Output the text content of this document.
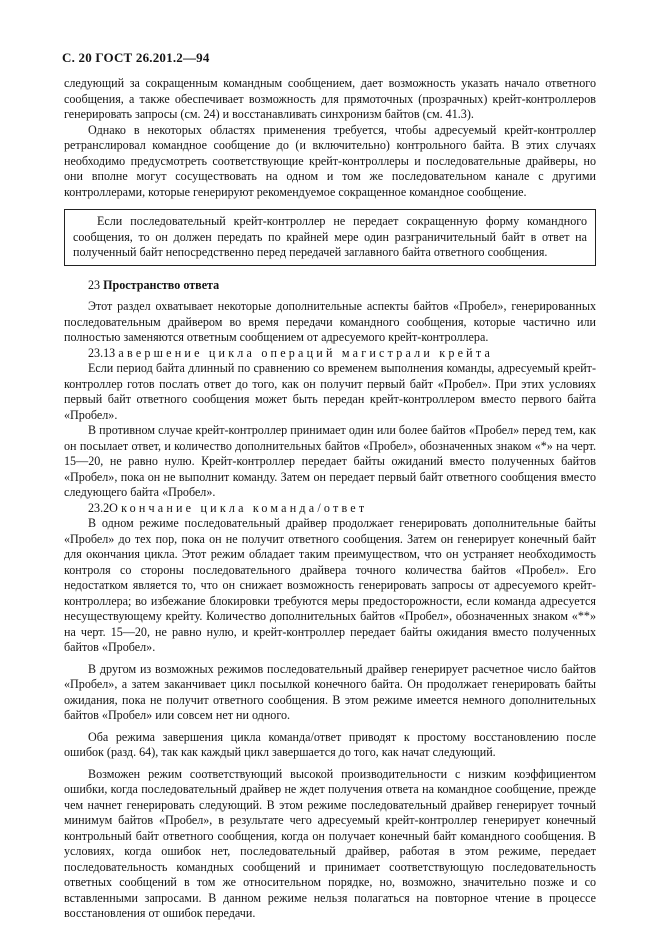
С. 20 ГОСТ 26.201.2—94

следующий за сокращенным командным сообщением, дает возможность указать начало ответного сообщения, а также обеспечивает возможность для прямоточных (прозрачных) крейт-контроллеров генерировать запросы (см. 24) и восстанавливать синхронизм байтов (см. 41.3).

Однако в некоторых областях применения требуется, чтобы адресуемый крейт-контроллер ретранслировал командное сообщение до (и включительно) контрольного байта. В этих случаях необходимо предусмотреть соответствующие крейт-контроллеры и последовательные драйверы, но они вполне могут сосуществовать на одном и том же последовательном канале с другими контроллерами, которые генерируют рекомендуемое сокращенное командное сообщение.

Если последовательный крейт-контроллер не передает сокращенную форму командного сообщения, то он должен передать по крайней мере один разграничительный байт в ответ на полученный байт непосредственно перед передачей заглавного байта ответного сообщения.

23 Пространство ответа

Этот раздел охватывает некоторые дополнительные аспекты байтов «Пробел», генерированных последовательным драйвером во время передачи командного сообщения, которые частично или полностью заменяются ответным сообщением от адресуемого крейт-контроллера.

23.1Завершение цикла операций магистрали крейта

Если период байта длинный по сравнению со временем выполнения команды, адресуемый крейт-контроллер готов послать ответ до того, как он получит первый байт «Пробел». При этих условиях первый байт ответного сообщения может быть передан крейт-контроллером вместо первого байта «Пробел».

В противном случае крейт-контроллер принимает один или более байтов «Пробел» перед тем, как он посылает ответ, и количество дополнительных байтов «Пробел», обозначенных знаком «*» на черт. 15—20, не равно нулю. Крейт-контроллер передает байты ожиданий вместо полученных байтов «Пробел», пока он не выполнит команду. Затем он передает первый байт ответного сообщения вместо следующего байта «Пробел».

23.2Окончание цикла команда/ответ

В одном режиме последовательный драйвер продолжает генерировать дополнительные байты «Пробел» до тех пор, пока он не получит ответного сообщения. Затем он генерирует конечный байт для окончания цикла. Этот режим обладает таким преимуществом, что он устраняет необходимость контроля со стороны последовательного драйвера точного количества байтов «Пробел». Его недостатком является то, что он снижает возможность генерировать запросы от адресуемого крейт-контроллера; во избежание блокировки требуются меры предосторожности, если команда адресуется несуществующему крейту. Количество дополнительных байтов «Пробел», обозначенных знаком «**» на черт. 15—20, не равно нулю, и крейт-контроллер передает байты ожидания вместо полученных байтов «Пробел».

В другом из возможных режимов последовательный драйвер генерирует расчетное число байтов «Пробел», а затем заканчивает цикл посылкой конечного байта. Он продолжает генерировать байты ожидания, пока не получит ответного сообщения. В этом режиме имеется немного дополнительных байтов «Пробел» или совсем нет ни одного.

Оба режима завершения цикла команда/ответ приводят к простому восстановлению после ошибок (разд. 64), так как каждый цикл завершается до того, как начат следующий.

Возможен режим соответствующий высокой производительности с низким коэффициентом ошибки, когда последовательный драйвер не ждет получения ответа на командное сообщение, прежде чем начнет генерировать следующий. В этом режиме последовательный драйвер генерирует точный минимум байтов «Пробел», в результате чего адресуемый крейт-контроллер генерирует конечный контрольный байт ответного сообщения, когда он получает конечный байт командного сообщения. В условиях, когда ошибок нет, последовательный драйвер, работая в этом режиме, передает последовательность командных сообщений и принимает соответствующую последовательность ответных сообщений в том же относительном порядке, но, возможно, значительно позже и со вставленными запросами. В данном режиме нельзя полагаться на повторное чтение в процессе восстановления от ошибок передачи.
